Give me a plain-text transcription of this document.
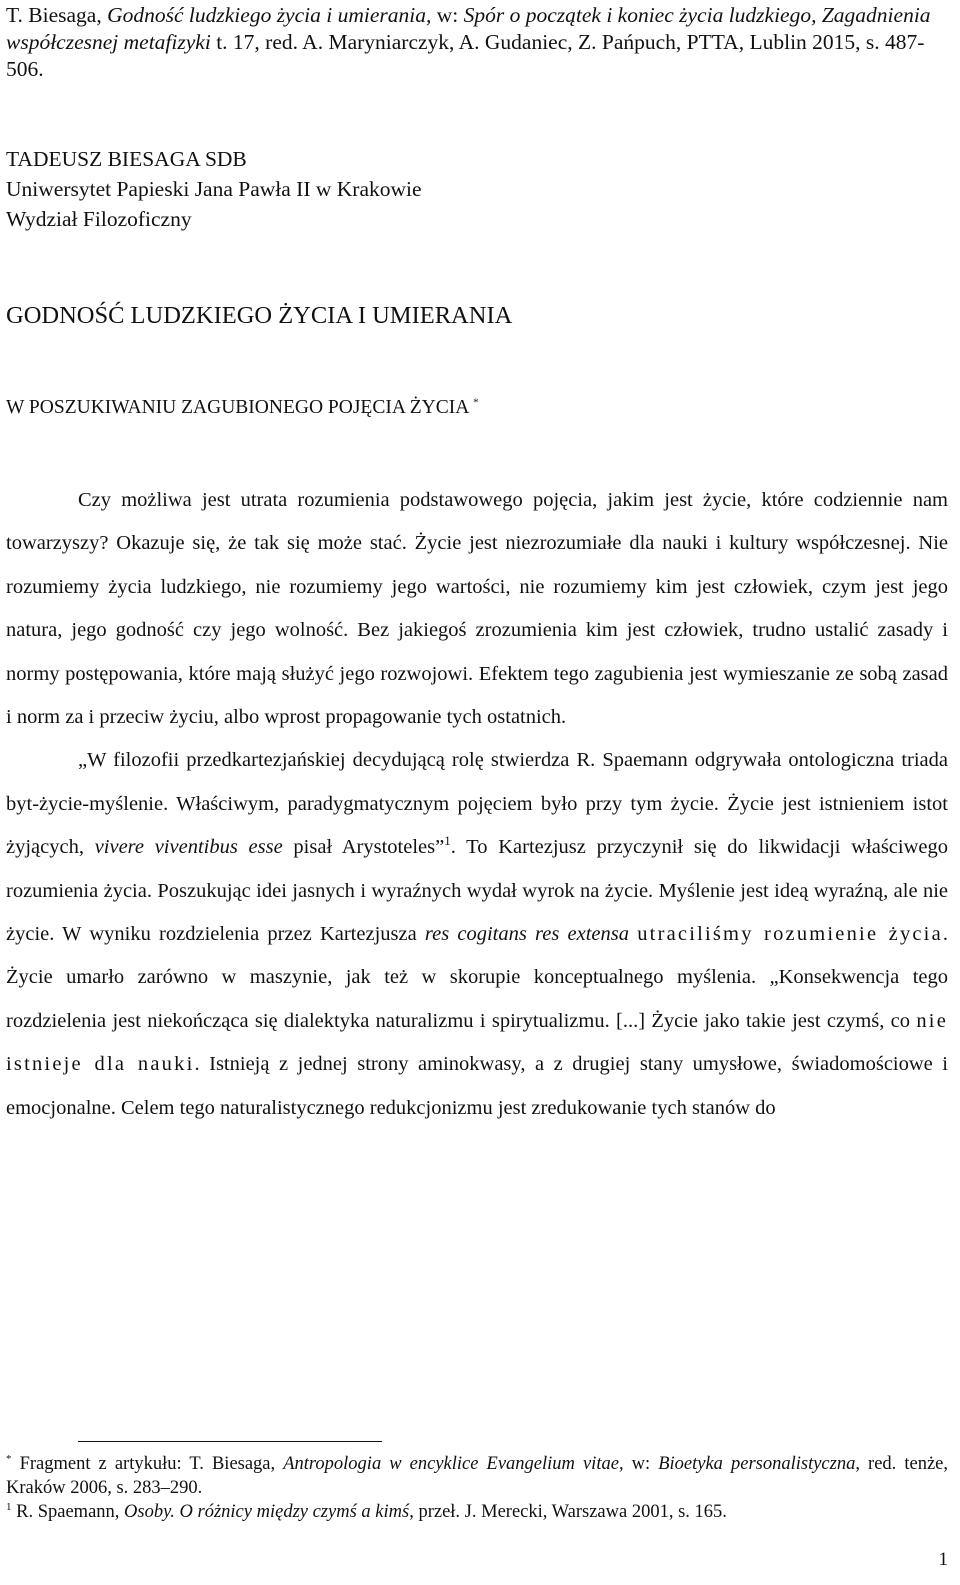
T. Biesaga, Godność ludzkiego życia i umierania, w: Spór o początek i koniec życia ludzkiego, Zagadnienia współczesnej metafizyki t. 17, red. A. Maryniarczyk, A. Gudaniec, Z. Pańpuch, PTTA, Lublin 2015, s. 487-506.
TADEUSZ BIESAGA SDB
Uniwersytet Papieski Jana Pawła II w Krakowie
Wydział Filozoficzny
GODNOŚĆ LUDZKIEGO ŻYCIA I UMIERANIA
W POSZUKIWANIU ZAGUBIONEGO POJĘCIA ŻYCIA *

Czy możliwa jest utrata rozumienia podstawowego pojęcia, jakim jest życie, które codziennie nam towarzyszy? Okazuje się, że tak się może stać. Życie jest niezrozumiałe dla nauki i kultury współczesnej. Nie rozumiemy życia ludzkiego, nie rozumiemy jego wartości, nie rozumiemy kim jest człowiek, czym jest jego natura, jego godność czy jego wolność. Bez jakiegoś zrozumienia kim jest człowiek, trudno ustalić zasady i normy postępowania, które mają służyć jego rozwojowi. Efektem tego zagubienia jest wymieszanie ze sobą zasad i norm za i przeciw życiu, albo wprost propagowanie tych ostatnich.

„W filozofii przedkartezjańskiej decydującą rolę stwierdza R. Spaemann odgrywała ontologiczna triada byt-życie-myślenie. Właściwym, paradygmatycznym pojęciem było przy tym życie. Życie jest istnieniem istot żyjących, vivere viventibus esse pisał Arystoteles”$^1$. To Kartezjusz przyczynił się do likwidacji właściwego rozumienia życia. Poszukując idei jasnych i wyraźnych wydał wyrok na życie. Myślenie jest ideą wyraźną, ale nie życie. W wyniku rozdzielenia przez Kartezjusza res cogitans res extensa utraciliśmy rozumienie życia. Życie umarło zarówno w maszynie, jak też w skorupie konceptualnego myślenia. „Konsekwencja tego rozdzielenia jest niekończąca się dialektyka naturalizmu i spirytualizmu. [...] Życie jako takie jest czymś, co nie istnieje dla nauki. Istnieją z jednej strony aminokwasy, a z drugiej stany umysłowe, świadomościowe i emocjonalne. Celem tego naturalistycznego redukcjonizmu jest zredukowanie tych stanów do

* Fragment z artykułu: T. Biesaga, Antropologia w encyklice Evangelium vitae, w: Bioetyka personalistyczna, red. tenże, Kraków 2006, s. 283–290.

$^1$ R. Spaemann, Osoby. O różnicy między czymś a kimś, przeł. J. Merecki, Warszawa 2001, s. 165.

1
